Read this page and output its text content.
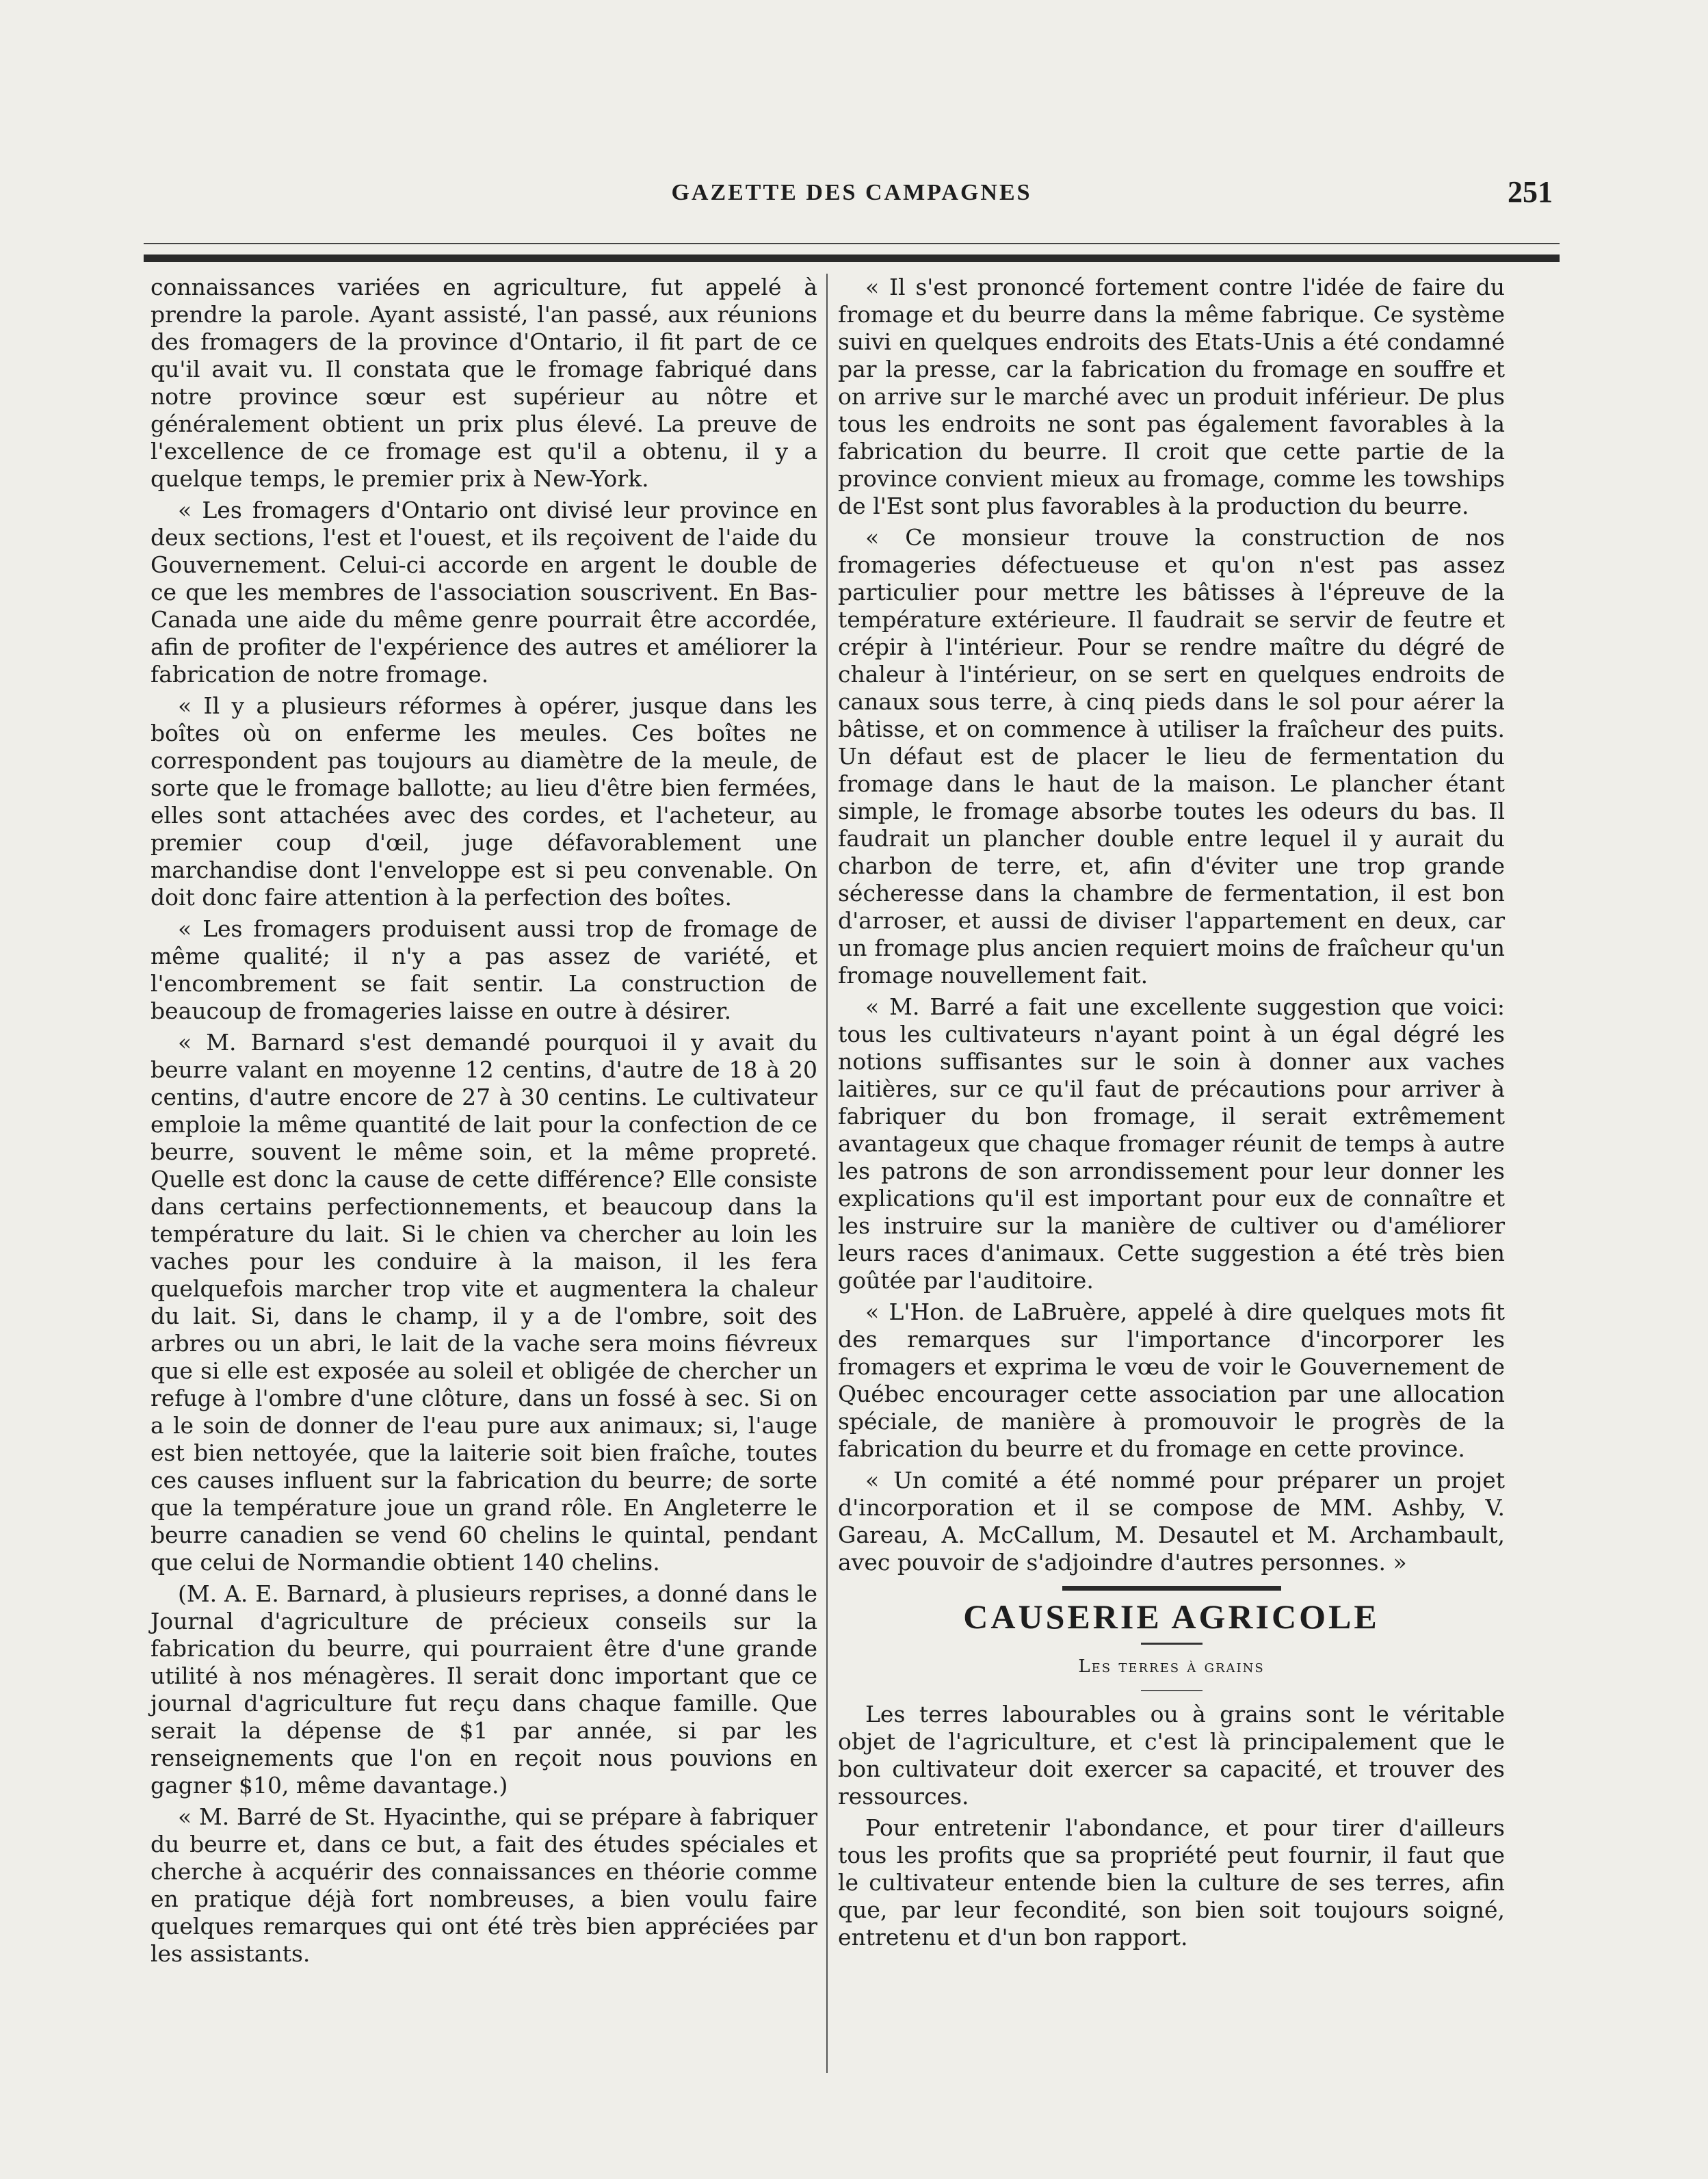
GAZETTE DES CAMPAGNES	251

connaissances variées en agriculture, fut appelé à prendre la parole. Ayant assisté, l'an passé, aux réunions des fromagers de la province d'Ontario, il fit part de ce qu'il avait vu. Il constata que le fromage fabriqué dans notre province sœur est supérieur au nôtre et généralement obtient un prix plus élevé. La preuve de l'excellence de ce fromage est qu'il a obtenu, il y a quelque temps, le premier prix à New-York.

« Les fromagers d'Ontario ont divisé leur province en deux sections, l'est et l'ouest, et ils reçoivent de l'aide du Gouvernement. Celui-ci accorde en argent le double de ce que les membres de l'association souscrivent. En Bas-Canada une aide du même genre pourrait être accordée, afin de profiter de l'expérience des autres et améliorer la fabrication de notre fromage.

« Il y a plusieurs réformes à opérer, jusque dans les boîtes où on enferme les meules. Ces boîtes ne correspondent pas toujours au diamètre de la meule, de sorte que le fromage ballotte; au lieu d'être bien fermées, elles sont attachées avec des cordes, et l'acheteur, au premier coup d'œil, juge défavorablement une marchandise dont l'enveloppe est si peu convenable. On doit donc faire attention à la perfection des boîtes.

« Les fromagers produisent aussi trop de fromage de même qualité; il n'y a pas assez de variété, et l'encombrement se fait sentir. La construction de beaucoup de fromageries laisse en outre à désirer.

« M. Barnard s'est demandé pourquoi il y avait du beurre valant en moyenne 12 centins, d'autre de 18 à 20 centins, d'autre encore de 27 à 30 centins. Le cultivateur emploie la même quantité de lait pour la confection de ce beurre, souvent le même soin, et la même propreté. Quelle est donc la cause de cette différence? Elle consiste dans certains perfectionnements, et beaucoup dans la température du lait. Si le chien va chercher au loin les vaches pour les conduire à la maison, il les fera quelquefois marcher trop vite et augmentera la chaleur du lait. Si, dans le champ, il y a de l'ombre, soit des arbres ou un abri, le lait de la vache sera moins fiévreux que si elle est exposée au soleil et obligée de chercher un refuge à l'ombre d'une clôture, dans un fossé à sec. Si on a le soin de donner de l'eau pure aux animaux; si, l'auge est bien nettoyée, que la laiterie soit bien fraîche, toutes ces causes influent sur la fabrication du beurre; de sorte que la température joue un grand rôle. En Angleterre le beurre canadien se vend 60 chelins le quintal, pendant que celui de Normandie obtient 140 chelins.

(M. A. E. Barnard, à plusieurs reprises, a donné dans le Journal d'agriculture de précieux conseils sur la fabrication du beurre, qui pourraient être d'une grande utilité à nos ménagères. Il serait donc important que ce journal d'agriculture fut reçu dans chaque famille. Que serait la dépense de $1 par année, si par les renseignements que l'on en reçoit nous pouvions en gagner $10, même davantage.)

« M. Barré de St. Hyacinthe, qui se prépare à fabriquer du beurre et, dans ce but, a fait des études spéciales et cherche à acquérir des connaissances en théorie comme en pratique déjà fort nombreuses, a bien voulu faire quelques remarques qui ont été très bien appréciées par les assistants.

« Il s'est prononcé fortement contre l'idée de faire du fromage et du beurre dans la même fabrique. Ce système suivi en quelques endroits des Etats-Unis a été condamné par la presse, car la fabrication du fromage en souffre et on arrive sur le marché avec un produit inférieur. De plus tous les endroits ne sont pas également favorables à la fabrication du beurre. Il croit que cette partie de la province convient mieux au fromage, comme les towships de l'Est sont plus favorables à la production du beurre.

« Ce monsieur trouve la construction de nos fromageries défectueuse et qu'on n'est pas assez particulier pour mettre les bâtisses à l'épreuve de la température extérieure. Il faudrait se servir de feutre et crépir à l'intérieur. Pour se rendre maître du dégré de chaleur à l'intérieur, on se sert en quelques endroits de canaux sous terre, à cinq pieds dans le sol pour aérer la bâtisse, et on commence à utiliser la fraîcheur des puits. Un défaut est de placer le lieu de fermentation du fromage dans le haut de la maison. Le plancher étant simple, le fromage absorbe toutes les odeurs du bas. Il faudrait un plancher double entre lequel il y aurait du charbon de terre, et, afin d'éviter une trop grande sécheresse dans la chambre de fermentation, il est bon d'arroser, et aussi de diviser l'appartement en deux, car un fromage plus ancien requiert moins de fraîcheur qu'un fromage nouvellement fait.

« M. Barré a fait une excellente suggestion que voici: tous les cultivateurs n'ayant point à un égal dégré les notions suffisantes sur le soin à donner aux vaches laitières, sur ce qu'il faut de précautions pour arriver à fabriquer du bon fromage, il serait extrêmement avantageux que chaque fromager réunit de temps à autre les patrons de son arrondissement pour leur donner les explications qu'il est important pour eux de connaître et les instruire sur la manière de cultiver ou d'améliorer leurs races d'animaux. Cette suggestion a été très bien goûtée par l'auditoire.

« L'Hon. de LaBruère, appelé à dire quelques mots fit des remarques sur l'importance d'incorporer les fromagers et exprima le vœu de voir le Gouvernement de Québec encourager cette association par une allocation spéciale, de manière à promouvoir le progrès de la fabrication du beurre et du fromage en cette province.

« Un comité a été nommé pour préparer un projet d'incorporation et il se compose de MM. Ashby, V. Gareau, A. McCallum, M. Desautel et M. Archambault, avec pouvoir de s'adjoindre d'autres personnes. »

CAUSERIE AGRICOLE
Les terres à grains

Les terres labourables ou à grains sont le véritable objet de l'agriculture, et c'est là principalement que le bon cultivateur doit exercer sa capacité, et trouver des ressources.

Pour entretenir l'abondance, et pour tirer d'ailleurs tous les profits que sa propriété peut fournir, il faut que le cultivateur entende bien la culture de ses terres, afin que, par leur fecondité, son bien soit toujours soigné, entretenu et d'un bon rapport.
